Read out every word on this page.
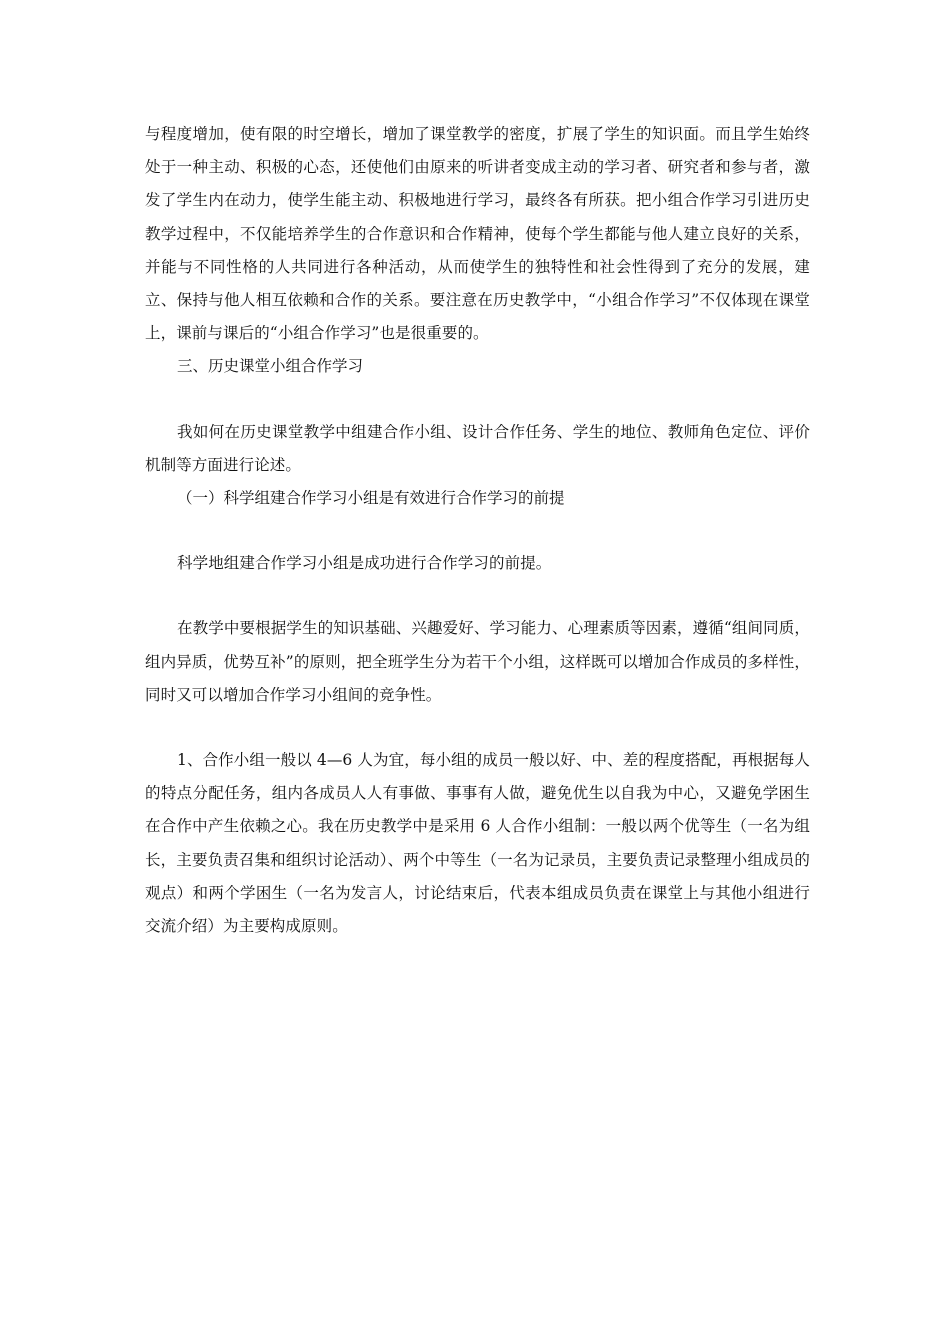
与程度增加，使有限的时空增长，增加了课堂教学的密度，扩展了学生的知识面。而且学生始终处于一种主动、积极的心态，还使他们由原来的听讲者变成主动的学习者、研究者和参与者，激发了学生内在动力，使学生能主动、积极地进行学习，最终各有所获。把小组合作学习引进历史教学过程中，不仅能培养学生的合作意识和合作精神，使每个学生都能与他人建立良好的关系，并能与不同性格的人共同进行各种活动，从而使学生的独特性和社会性得到了充分的发展，建立、保持与他人相互依赖和合作的关系。要注意在历史教学中，“小组合作学习”不仅体现在课堂上，课前与课后的“小组合作学习”也是很重要的。

三、历史课堂小组合作学习

我如何在历史课堂教学中组建合作小组、设计合作任务、学生的地位、教师角色定位、评价机制等方面进行论述。

（一）科学组建合作学习小组是有效进行合作学习的前提

科学地组建合作学习小组是成功进行合作学习的前提。

在教学中要根据学生的知识基础、兴趣爱好、学习能力、心理素质等因素，遵循“组间同质，组内异质，优势互补”的原则，把全班学生分为若干个小组，这样既可以增加合作成员的多样性，同时又可以增加合作学习小组间的竞争性。

1、合作小组一般以 4—6 人为宜，每小组的成员一般以好、中、差的程度搭配，再根据每人的特点分配任务，组内各成员人人有事做、事事有人做，避免优生以自我为中心，又避免学困生在合作中产生依赖之心。我在历史教学中是采用 6 人合作小组制：一般以两个优等生（一名为组长，主要负责召集和组织讨论活动）、两个中等生（一名为记录员，主要负责记录整理小组成员的观点）和两个学困生（一名为发言人，讨论结束后，代表本组成员负责在课堂上与其他小组进行交流介绍）为主要构成原则。
